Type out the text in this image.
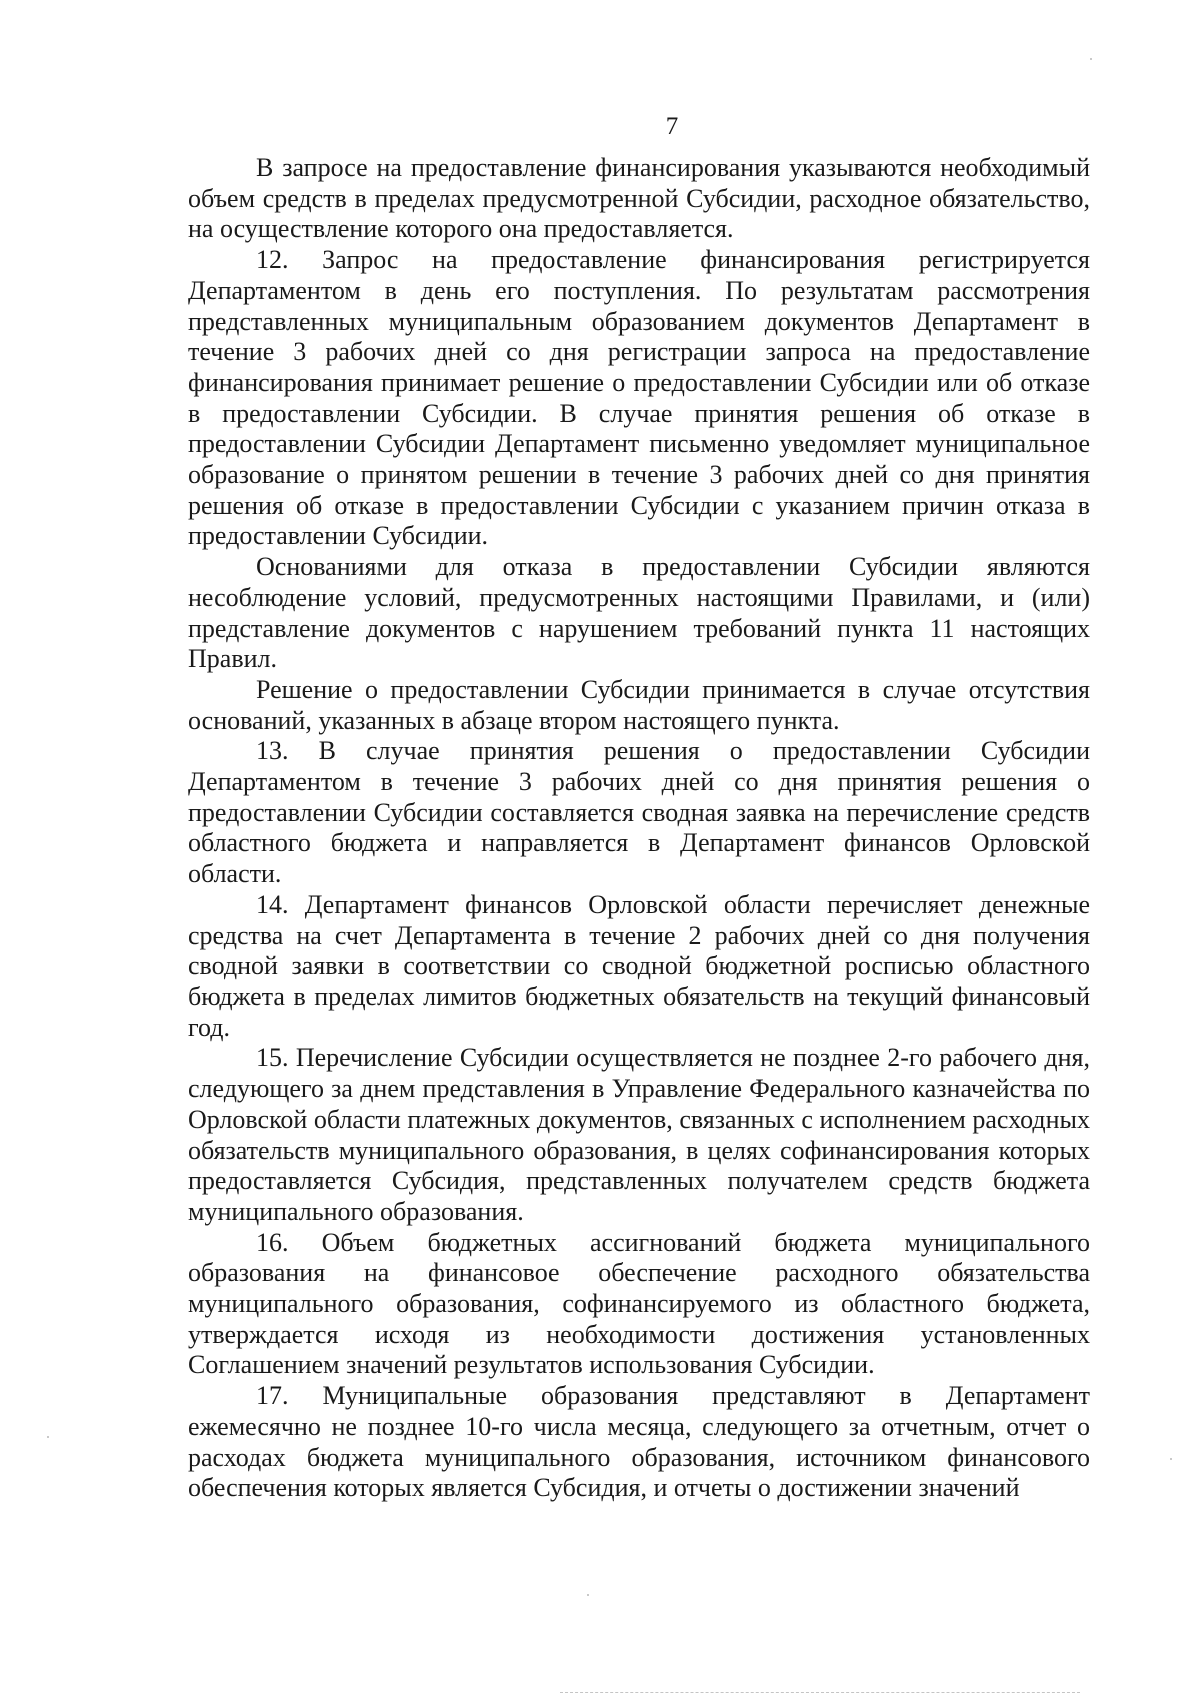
7

В запросе на предоставление финансирования указываются необходимый объем средств в пределах предусмотренной Субсидии, расходное обязательство, на осуществление которого она предоставляется.

12. Запрос на предоставление финансирования регистрируется Департаментом в день его поступления. По результатам рассмотрения представленных муниципальным образованием документов Департамент в течение 3 рабочих дней со дня регистрации запроса на предоставление финансирования принимает решение о предоставлении Субсидии или об отказе в предоставлении Субсидии. В случае принятия решения об отказе в предоставлении Субсидии Департамент письменно уведомляет муниципальное образование о принятом решении в течение 3 рабочих дней со дня принятия решения об отказе в предоставлении Субсидии с указанием причин отказа в предоставлении Субсидии.

Основаниями для отказа в предоставлении Субсидии являются несоблюдение условий, предусмотренных настоящими Правилами, и (или) представление документов с нарушением требований пункта 11 настоящих Правил.

Решение о предоставлении Субсидии принимается в случае отсутствия оснований, указанных в абзаце втором настоящего пункта.

13. В случае принятия решения о предоставлении Субсидии Департаментом в течение 3 рабочих дней со дня принятия решения о предоставлении Субсидии составляется сводная заявка на перечисление средств областного бюджета и направляется в Департамент финансов Орловской области.

14. Департамент финансов Орловской области перечисляет денежные средства на счет Департамента в течение 2 рабочих дней со дня получения сводной заявки в соответствии со сводной бюджетной росписью областного бюджета в пределах лимитов бюджетных обязательств на текущий финансовый год.

15. Перечисление Субсидии осуществляется не позднее 2-го рабочего дня, следующего за днем представления в Управление Федерального казначейства по Орловской области платежных документов, связанных с исполнением расходных обязательств муниципального образования, в целях софинансирования которых предоставляется Субсидия, представленных получателем средств бюджета муниципального образования.

16. Объем бюджетных ассигнований бюджета муниципального образования на финансовое обеспечение расходного обязательства муниципального образования, софинансируемого из областного бюджета, утверждается исходя из необходимости достижения установленных Соглашением значений результатов использования Субсидии.

17. Муниципальные образования представляют в Департамент ежемесячно не позднее 10-го числа месяца, следующего за отчетным, отчет о расходах бюджета муниципального образования, источником финансового обеспечения которых является Субсидия, и отчеты о достижении значений
